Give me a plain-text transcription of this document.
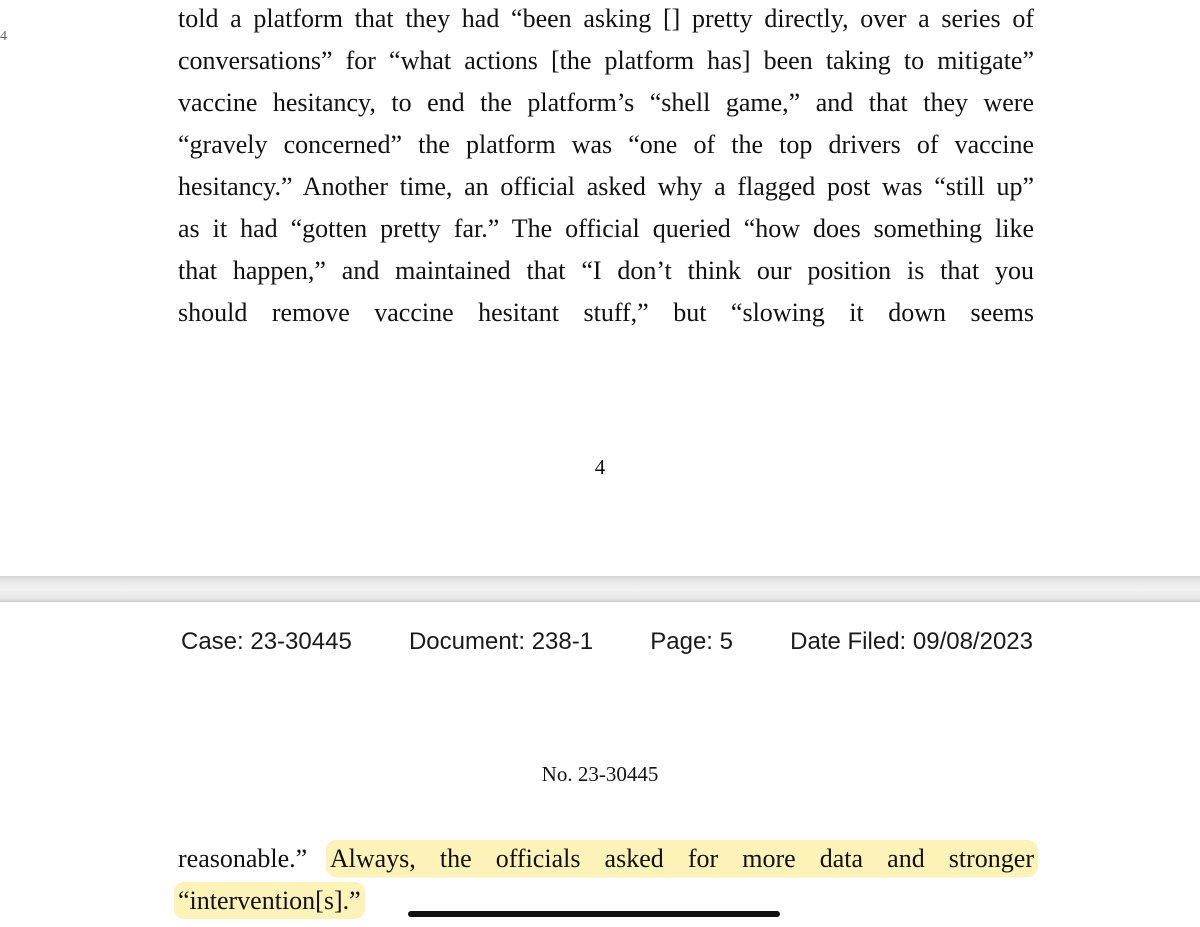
4
told a platform that they had “been asking [] pretty directly, over a series of
conversations” for “what actions [the platform has] been taking to mitigate”
vaccine hesitancy, to end the platform’s “shell game,” and that they were
“gravely concerned” the platform was “one of the top drivers of vaccine
hesitancy.” Another time, an official asked why a flagged post was “still up”
as it had “gotten pretty far.” The official queried “how does something like
that happen,” and maintained that “I don’t think our position is that you
should remove vaccine hesitant stuff,” but “slowing it down seems
4
Case: 23-30445 Document: 238-1 Page: 5 Date Filed: 09/08/2023
No. 23-30445
reasonable.” Always, the officials asked for more data and stronger
“intervention[s].”
